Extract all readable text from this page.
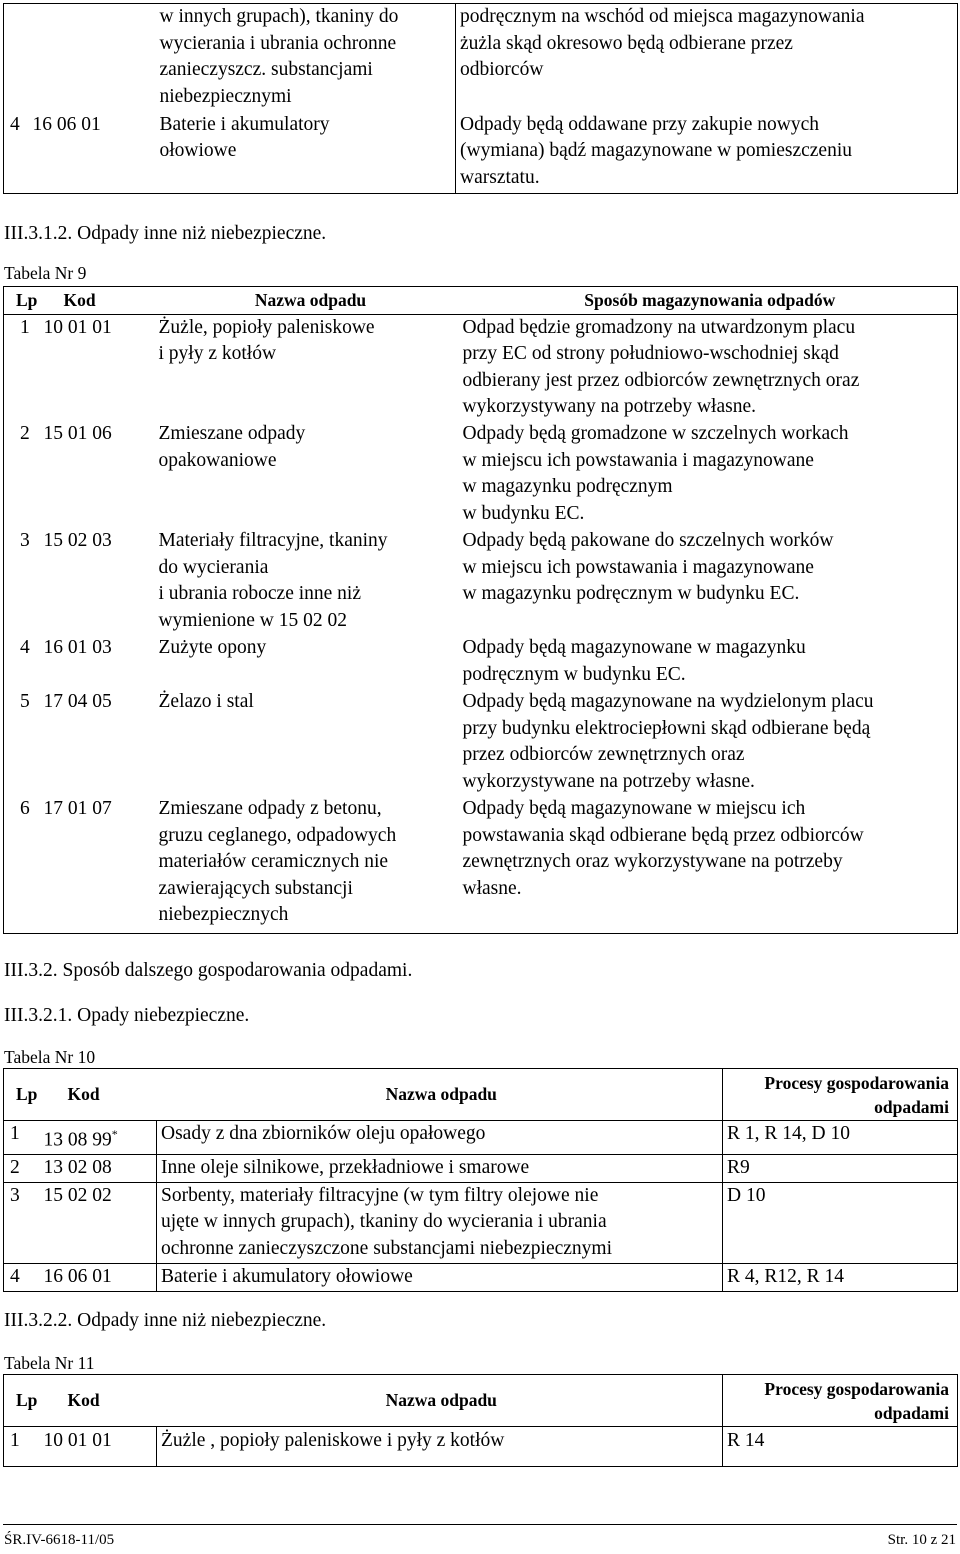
		w innych grupach), tkaniny do
wycierania i ubrania ochronne
zanieczyszcz. substancjami
niebezpiecznymi	podręcznym na wschód od miejsca magazynowania
żużla skąd okresowo będą odbierane przez
odbiorców
4	16 06 01	Baterie i akumulatory
ołowiowe	Odpady będą oddawane przy zakupie nowych
(wymiana) bądź magazynowane w pomieszczeniu
warsztatu.
III.3.1.2. Odpady inne niż niebezpieczne.
Tabela Nr 9
Lp	Kod	Nazwa odpadu	Sposób magazynowania odpadów
1	10 01 01	Żużle, popioły paleniskowe
i pyły z kotłów	Odpad będzie gromadzony na utwardzonym placu
przy EC od strony południowo-wschodniej skąd
odbierany jest przez odbiorców zewnętrznych oraz
wykorzystywany na potrzeby własne.
2	15 01 06	Zmieszane odpady
opakowaniowe	Odpady będą gromadzone w szczelnych workach
w miejscu ich powstawania i magazynowane
w magazynku podręcznym
w budynku EC.
3	15 02 03	Materiały filtracyjne, tkaniny
do wycierania
i ubrania robocze inne niż
wymienione w 15 02 02	Odpady będą pakowane do szczelnych worków
w miejscu ich powstawania i magazynowane
w magazynku podręcznym w budynku EC.
4	16 01 03	Zużyte opony	Odpady będą magazynowane w magazynku
podręcznym w budynku EC.
5	17 04 05	Żelazo i stal	Odpady będą magazynowane na wydzielonym placu
przy budynku elektrociepłowni skąd odbierane będą
przez odbiorców zewnętrznych oraz
wykorzystywane na potrzeby własne.
6	17 01 07	Zmieszane odpady z betonu,
gruzu ceglanego, odpadowych
materiałów ceramicznych nie
zawierających substancji
niebezpiecznych	Odpady będą magazynowane w miejscu ich
powstawania skąd odbierane będą przez odbiorców
zewnętrznych oraz wykorzystywane na potrzeby
własne.
III.3.2. Sposób dalszego gospodarowania odpadami.
III.3.2.1. Opady niebezpieczne.
Tabela Nr 10
Lp	Kod	Nazwa odpadu	Procesy gospodarowania
odpadami
1	13 08 99*	Osady z dna zbiorników oleju opałowego	R 1, R 14, D 10
2	13 02 08	Inne oleje silnikowe, przekładniowe i smarowe	R9
3	15 02 02	Sorbenty, materiały filtracyjne (w tym filtry olejowe nie
ujęte w innych grupach), tkaniny do wycierania i ubrania
ochronne zanieczyszczone substancjami niebezpiecznymi	D 10
4	16 06 01	Baterie i akumulatory ołowiowe	R 4, R12, R 14
III.3.2.2. Odpady inne niż niebezpieczne.
Tabela Nr 11
Lp	Kod	Nazwa odpadu	Procesy gospodarowania
odpadami
1	10 01 01	Żużle , popioły paleniskowe i pyły z kotłów	R 14
ŚR.IV-6618-11/05	Str. 10 z 21
